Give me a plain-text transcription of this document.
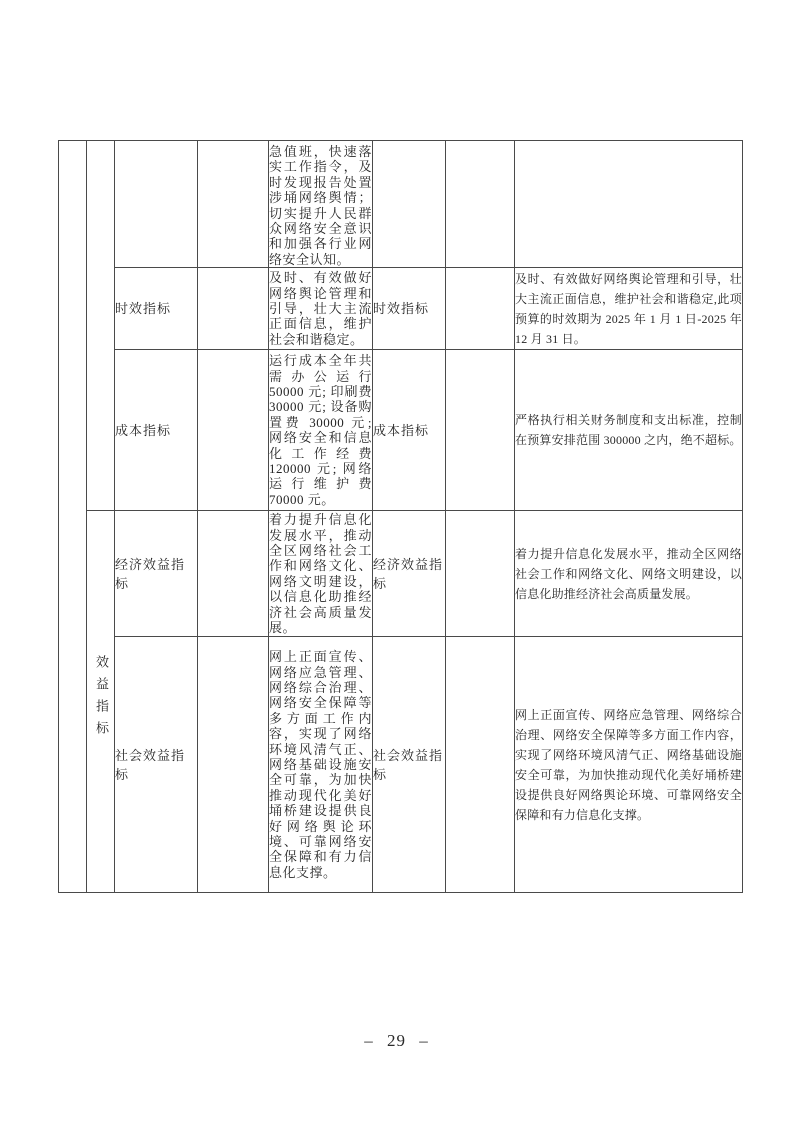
				急值班，快速落实工作指令，及时发现报告处置涉埇网络舆情；切实提升人民群众网络安全意识和加强各行业网络安全认知。			
		时效指标		及时、有效做好网络舆论管理和引导，壮大主流正面信息，维护社会和谐稳定。	时效指标		及时、有效做好网络舆论管理和引导，壮大主流正面信息，维护社会和谐稳定,此项预算的时效期为 2025 年 1 月 1 日-2025 年 12 月 31 日。
		成本指标		运行成本全年共需办公运行 50000 元; 印刷费 30000 元; 设备购置费 30000 元; 网络安全和信息化工作经费 120000 元; 网络运行维护费 70000 元。	成本指标		严格执行相关财务制度和支出标准，控制在预算安排范围 300000 之内，绝不超标。
	效益指标	经济效益指标		着力提升信息化发展水平，推动全区网络社会工作和网络文化、网络文明建设，以信息化助推经济社会高质量发展。	经济效益指标		着力提升信息化发展水平，推动全区网络社会工作和网络文化、网络文明建设，以信息化助推经济社会高质量发展。
		社会效益指标		网上正面宣传、网络应急管理、网络综合治理、网络安全保障等多方面工作内容，实现了网络环境风清气正、网络基础设施安全可靠，为加快推动现代化美好埇桥建设提供良好网络舆论环境、可靠网络安全保障和有力信息化支撑。	社会效益指标		网上正面宣传、网络应急管理、网络综合治理、网络安全保障等多方面工作内容，实现了网络环境风清气正、网络基础设施安全可靠，为加快推动现代化美好埇桥建设提供良好网络舆论环境、可靠网络安全保障和有力信息化支撑。
– 29 –
